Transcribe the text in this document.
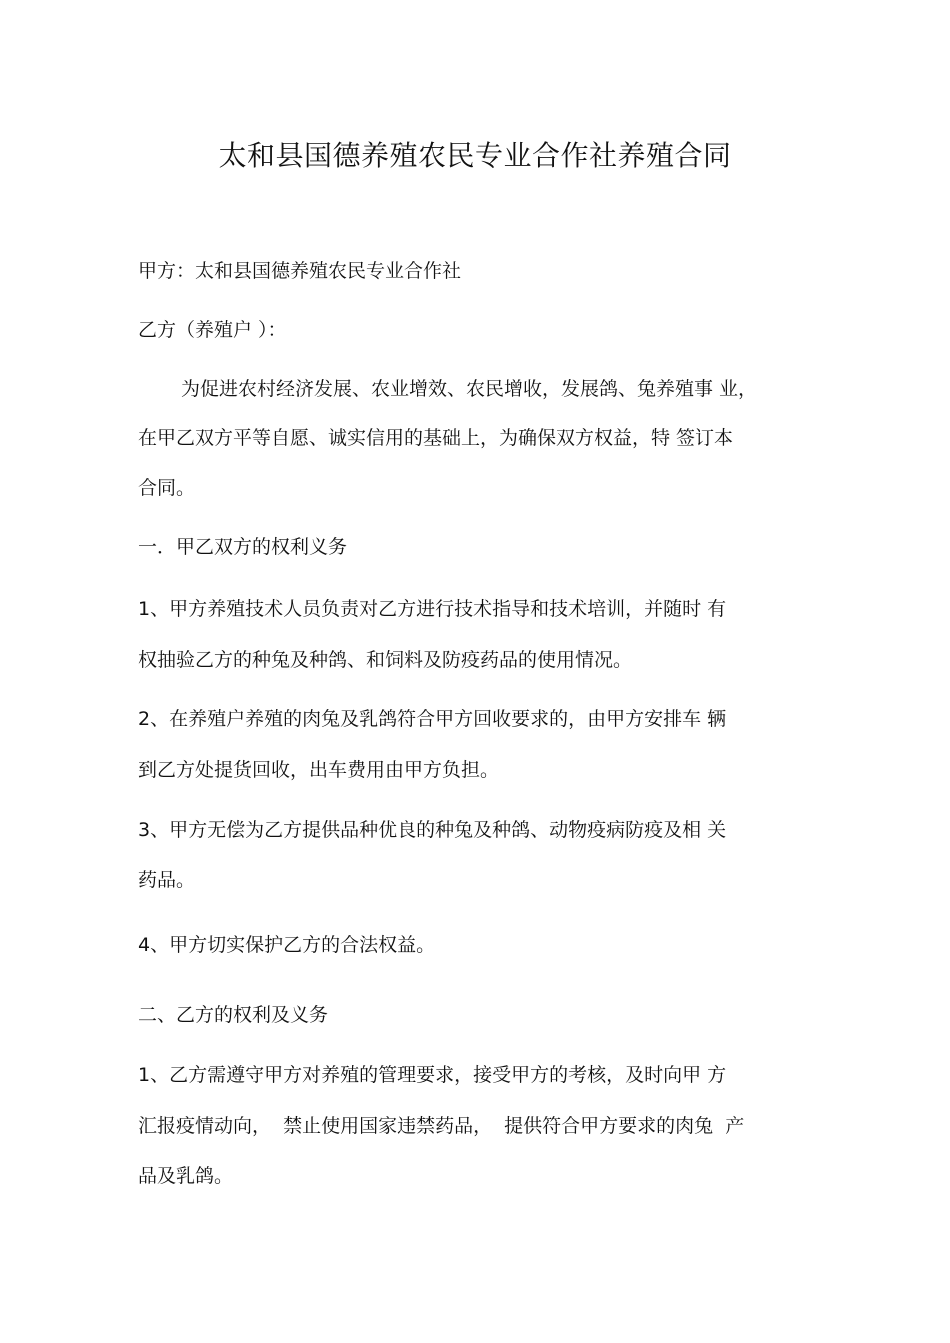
太和县国德养殖农民专业合作社养殖合同

甲方：太和县国德养殖农民专业合作社

乙方（养殖户 ）：

为促进农村经济发展、农业增效、农民增收，发展鸽、兔养殖事 业，

在甲乙双方平等自愿、诚实信用的基础上，为确保双方权益，特 签订本

合同。

一．甲乙双方的权利义务

1、甲方养殖技术人员负责对乙方进行技术指导和技术培训，并随时 有

权抽验乙方的种兔及种鸽、和饲料及防疫药品的使用情况。

2、在养殖户养殖的肉兔及乳鸽符合甲方回收要求的，由甲方安排车 辆

到乙方处提货回收，出车费用由甲方负担。

3、甲方无偿为乙方提供品种优良的种兔及种鸽、动物疫病防疫及相 关

药品。

4、甲方切实保护乙方的合法权益。

二、乙方的权利及义务

1、乙方需遵守甲方对养殖的管理要求，接受甲方的考核，及时向甲 方

汇报疫情动向，  禁止使用国家违禁药品，  提供符合甲方要求的肉兔  产

品及乳鸽。
